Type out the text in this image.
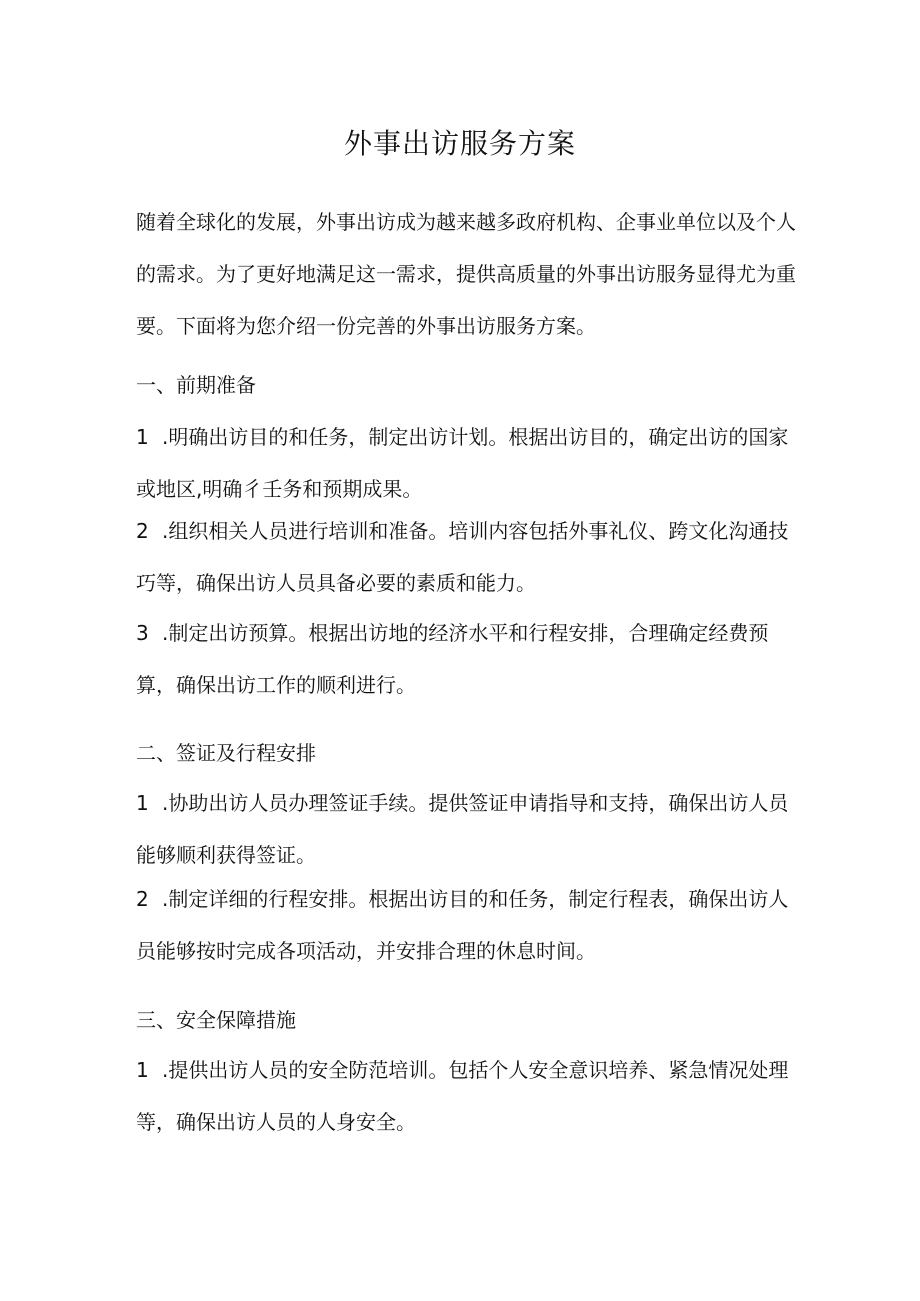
外事出访服务方案
随着全球化的发展，外事出访成为越来越多政府机构、企事业单位以及个人的需求。为了更好地满足这一需求，提供高质量的外事出访服务显得尤为重要。下面将为您介绍一份完善的外事出访服务方案。
一、前期准备
1 .明确出访目的和任务，制定出访计划。根据出访目的，确定出访的国家或地区,明确彳壬务和预期成果。
2 .组织相关人员进行培训和准备。培训内容包括外事礼仪、跨文化沟通技巧等，确保出访人员具备必要的素质和能力。
3 .制定出访预算。根据出访地的经济水平和行程安排，合理确定经费预算，确保出访工作的顺利进行。
二、签证及行程安排
1 .协助出访人员办理签证手续。提供签证申请指导和支持，确保出访人员能够顺利获得签证。
2 .制定详细的行程安排。根据出访目的和任务，制定行程表，确保出访人员能够按时完成各项活动，并安排合理的休息时间。
三、安全保障措施
1 .提供出访人员的安全防范培训。包括个人安全意识培养、紧急情况处理等，确保出访人员的人身安全。
